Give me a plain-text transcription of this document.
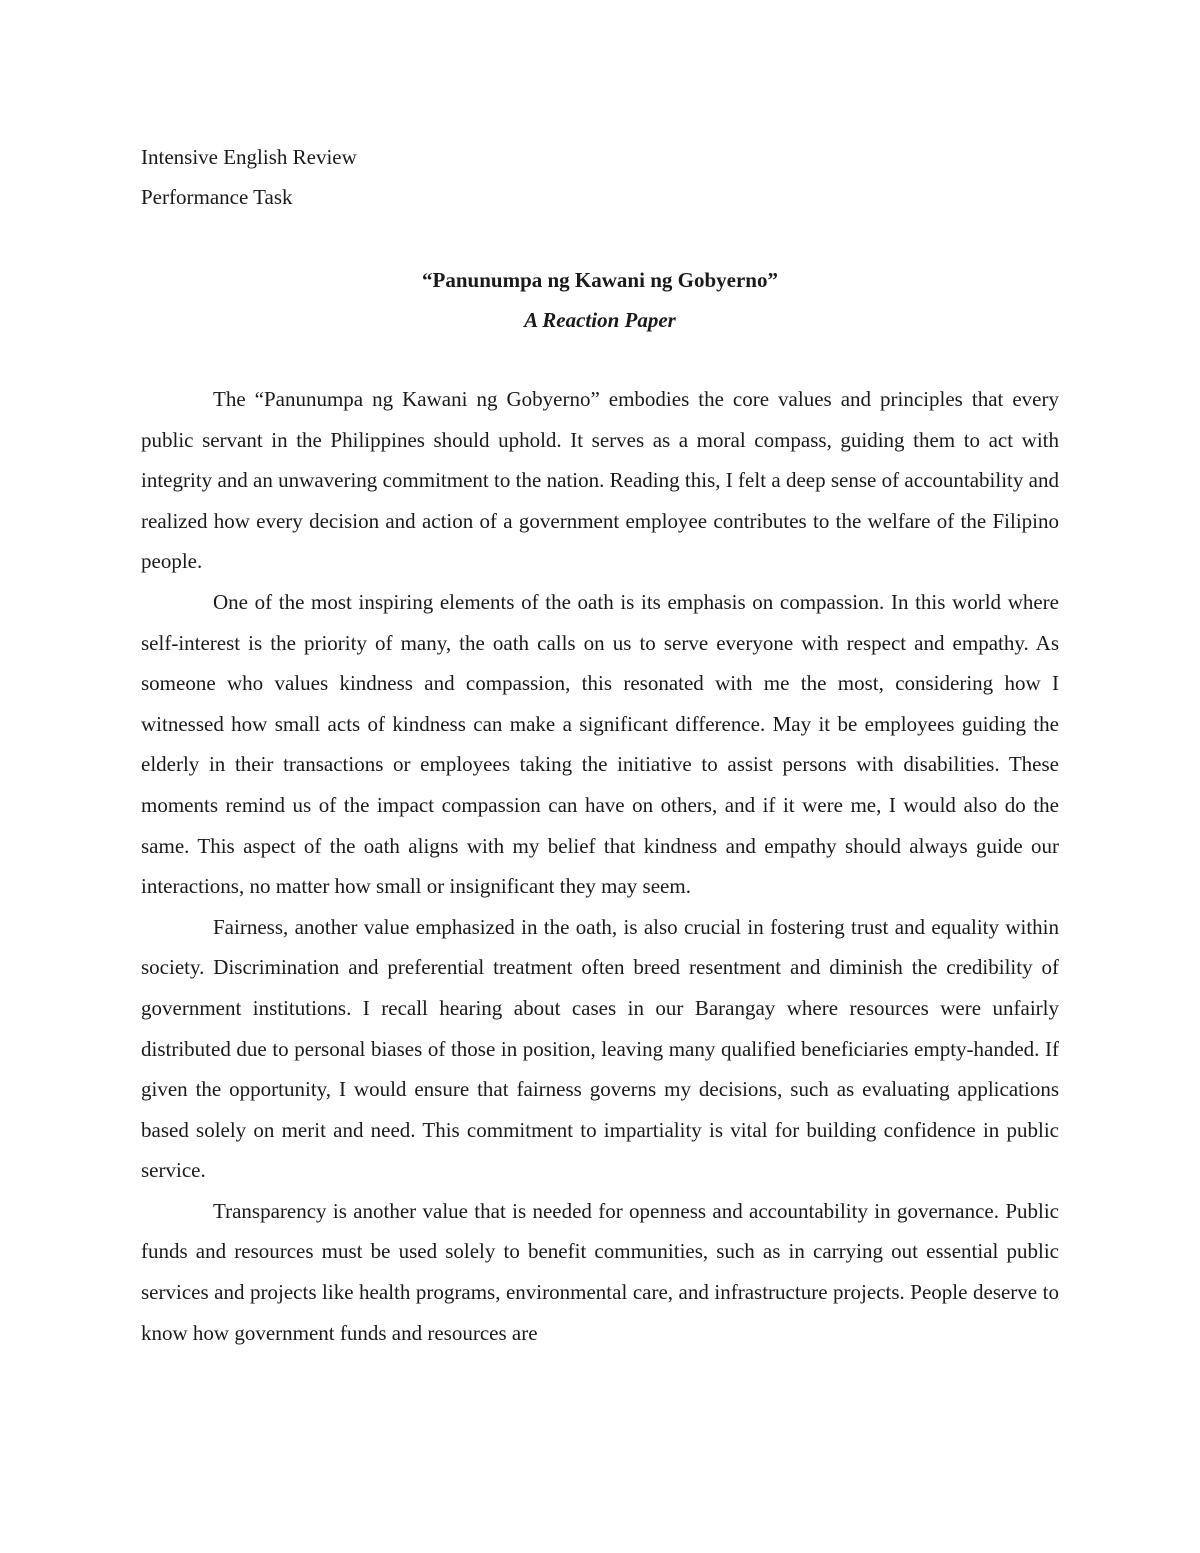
Intensive English Review
Performance Task
“Panunumpa ng Kawani ng Gobyerno”
A Reaction Paper

The “Panunumpa ng Kawani ng Gobyerno” embodies the core values and principles that every public servant in the Philippines should uphold. It serves as a moral compass, guiding them to act with integrity and an unwavering commitment to the nation. Reading this, I felt a deep sense of accountability and realized how every decision and action of a government employee contributes to the welfare of the Filipino people.

One of the most inspiring elements of the oath is its emphasis on compassion. In this world where self-interest is the priority of many, the oath calls on us to serve everyone with respect and empathy. As someone who values kindness and compassion, this resonated with me the most, considering how I witnessed how small acts of kindness can make a significant difference. May it be employees guiding the elderly in their transactions or employees taking the initiative to assist persons with disabilities. These moments remind us of the impact compassion can have on others, and if it were me, I would also do the same. This aspect of the oath aligns with my belief that kindness and empathy should always guide our interactions, no matter how small or insignificant they may seem.

Fairness, another value emphasized in the oath, is also crucial in fostering trust and equality within society. Discrimination and preferential treatment often breed resentment and diminish the credibility of government institutions. I recall hearing about cases in our Barangay where resources were unfairly distributed due to personal biases of those in position, leaving many qualified beneficiaries empty-handed. If given the opportunity, I would ensure that fairness governs my decisions, such as evaluating applications based solely on merit and need. This commitment to impartiality is vital for building confidence in public service.

Transparency is another value that is needed for openness and accountability in governance. Public funds and resources must be used solely to benefit communities, such as in carrying out essential public services and projects like health programs, environmental care, and infrastructure projects. People deserve to know how government funds and resources are
